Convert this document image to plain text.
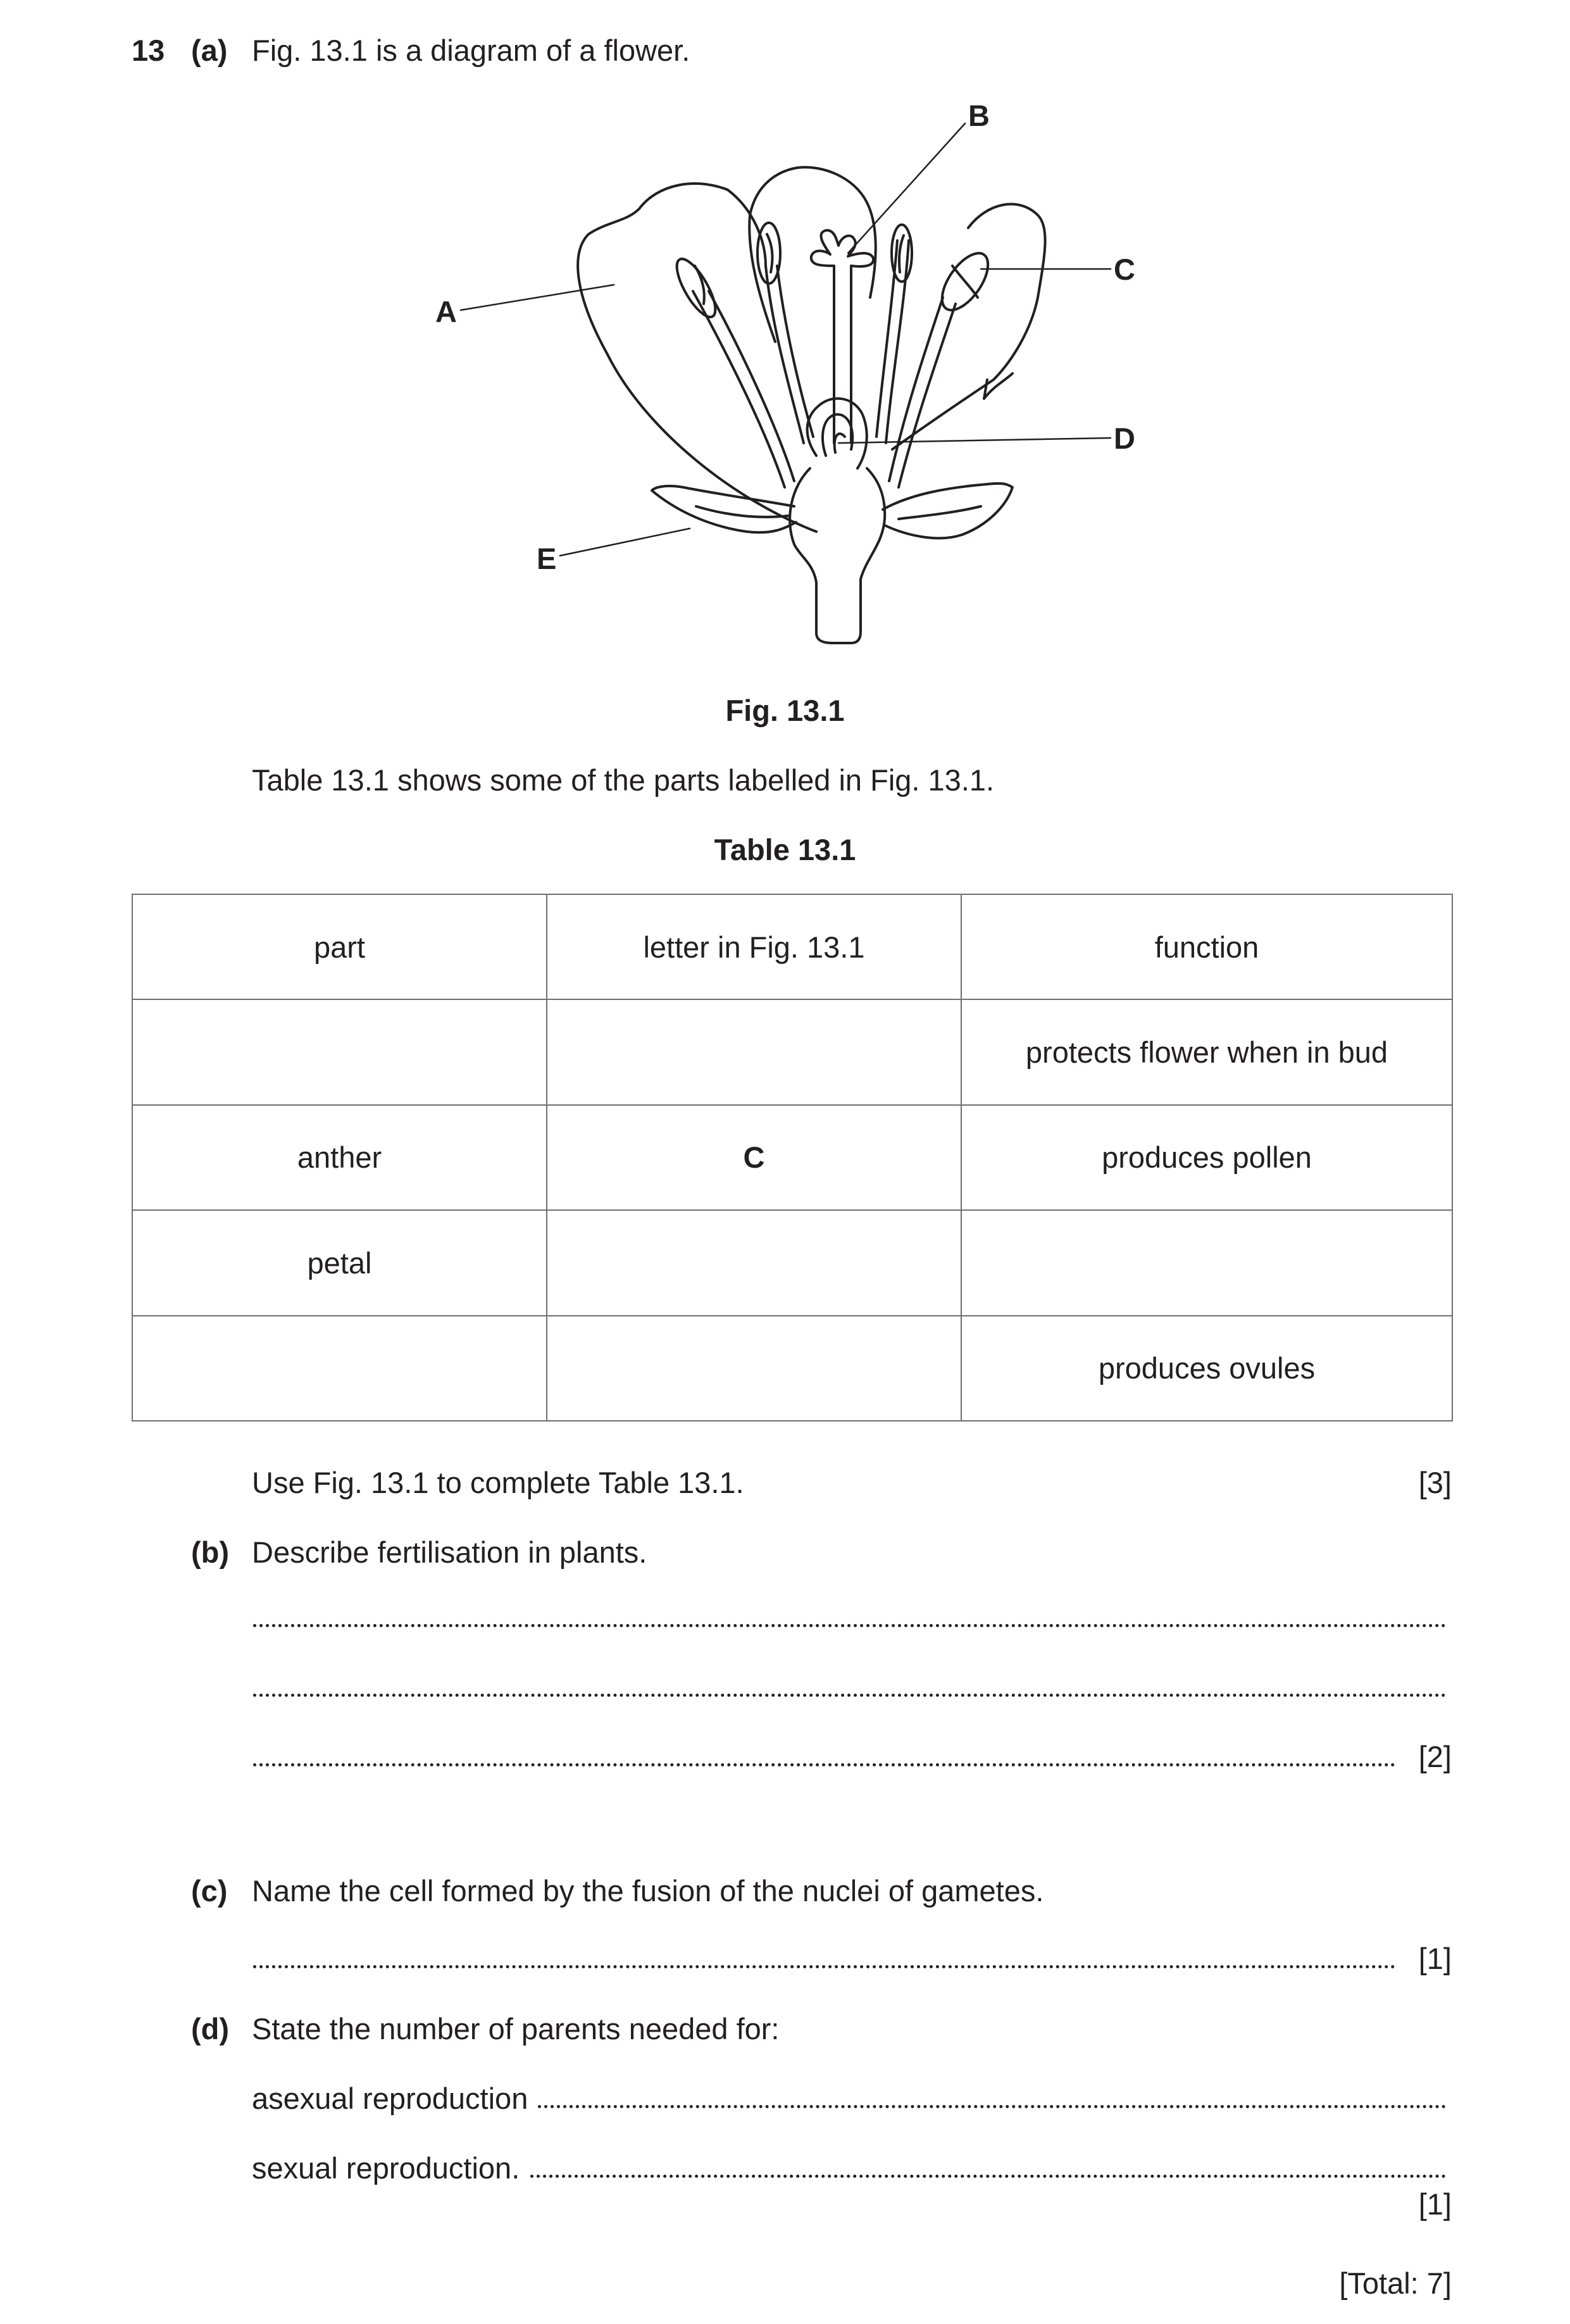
13 (a) Fig. 13.1 is a diagram of a flower.
A
B
C
D
E
Fig. 13.1
Table 13.1 shows some of the parts labelled in Fig. 13.1.
Table 13.1
part	letter in Fig. 13.1	function
		protects flower when in bud
anther	C	produces pollen
petal		
		produces ovules
Use Fig. 13.1 to complete Table 13.1.	[3]
(b) Describe fertilisation in plants.
[2]
(c) Name the cell formed by the fusion of the nuclei of gametes.
[1]
(d) State the number of parents needed for:
asexual reproduction
sexual reproduction.
[1]
[Total: 7]
